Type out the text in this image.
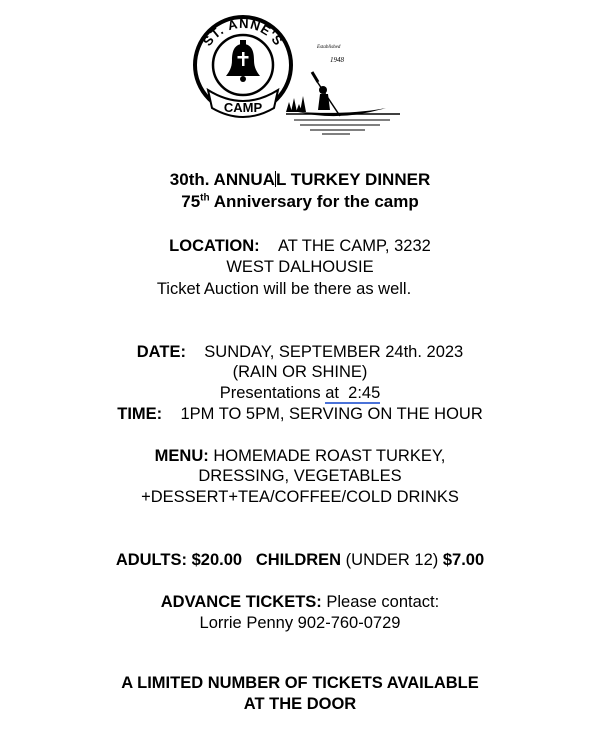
ST. ANNE'S
CAMP
Established
1948
30th. ANNUAL TURKEY DINNER
75th Anniversary for the camp
LOCATION: AT THE CAMP, 3232
WEST DALHOUSIE
Ticket Auction will be there as well.
DATE: SUNDAY, SEPTEMBER 24th. 2023
(RAIN OR SHINE)
Presentations at 2:45
TIME: 1PM TO 5PM, SERVING ON THE HOUR
MENU: HOMEMADE ROAST TURKEY,
DRESSING, VEGETABLES
+DESSERT+TEA/COFFEE/COLD DRINKS
ADULTS: $20.00 CHILDREN (UNDER 12) $7.00
ADVANCE TICKETS: Please contact:
Lorrie Penny 902-760-0729
A LIMITED NUMBER OF TICKETS AVAILABLE
AT THE DOOR
